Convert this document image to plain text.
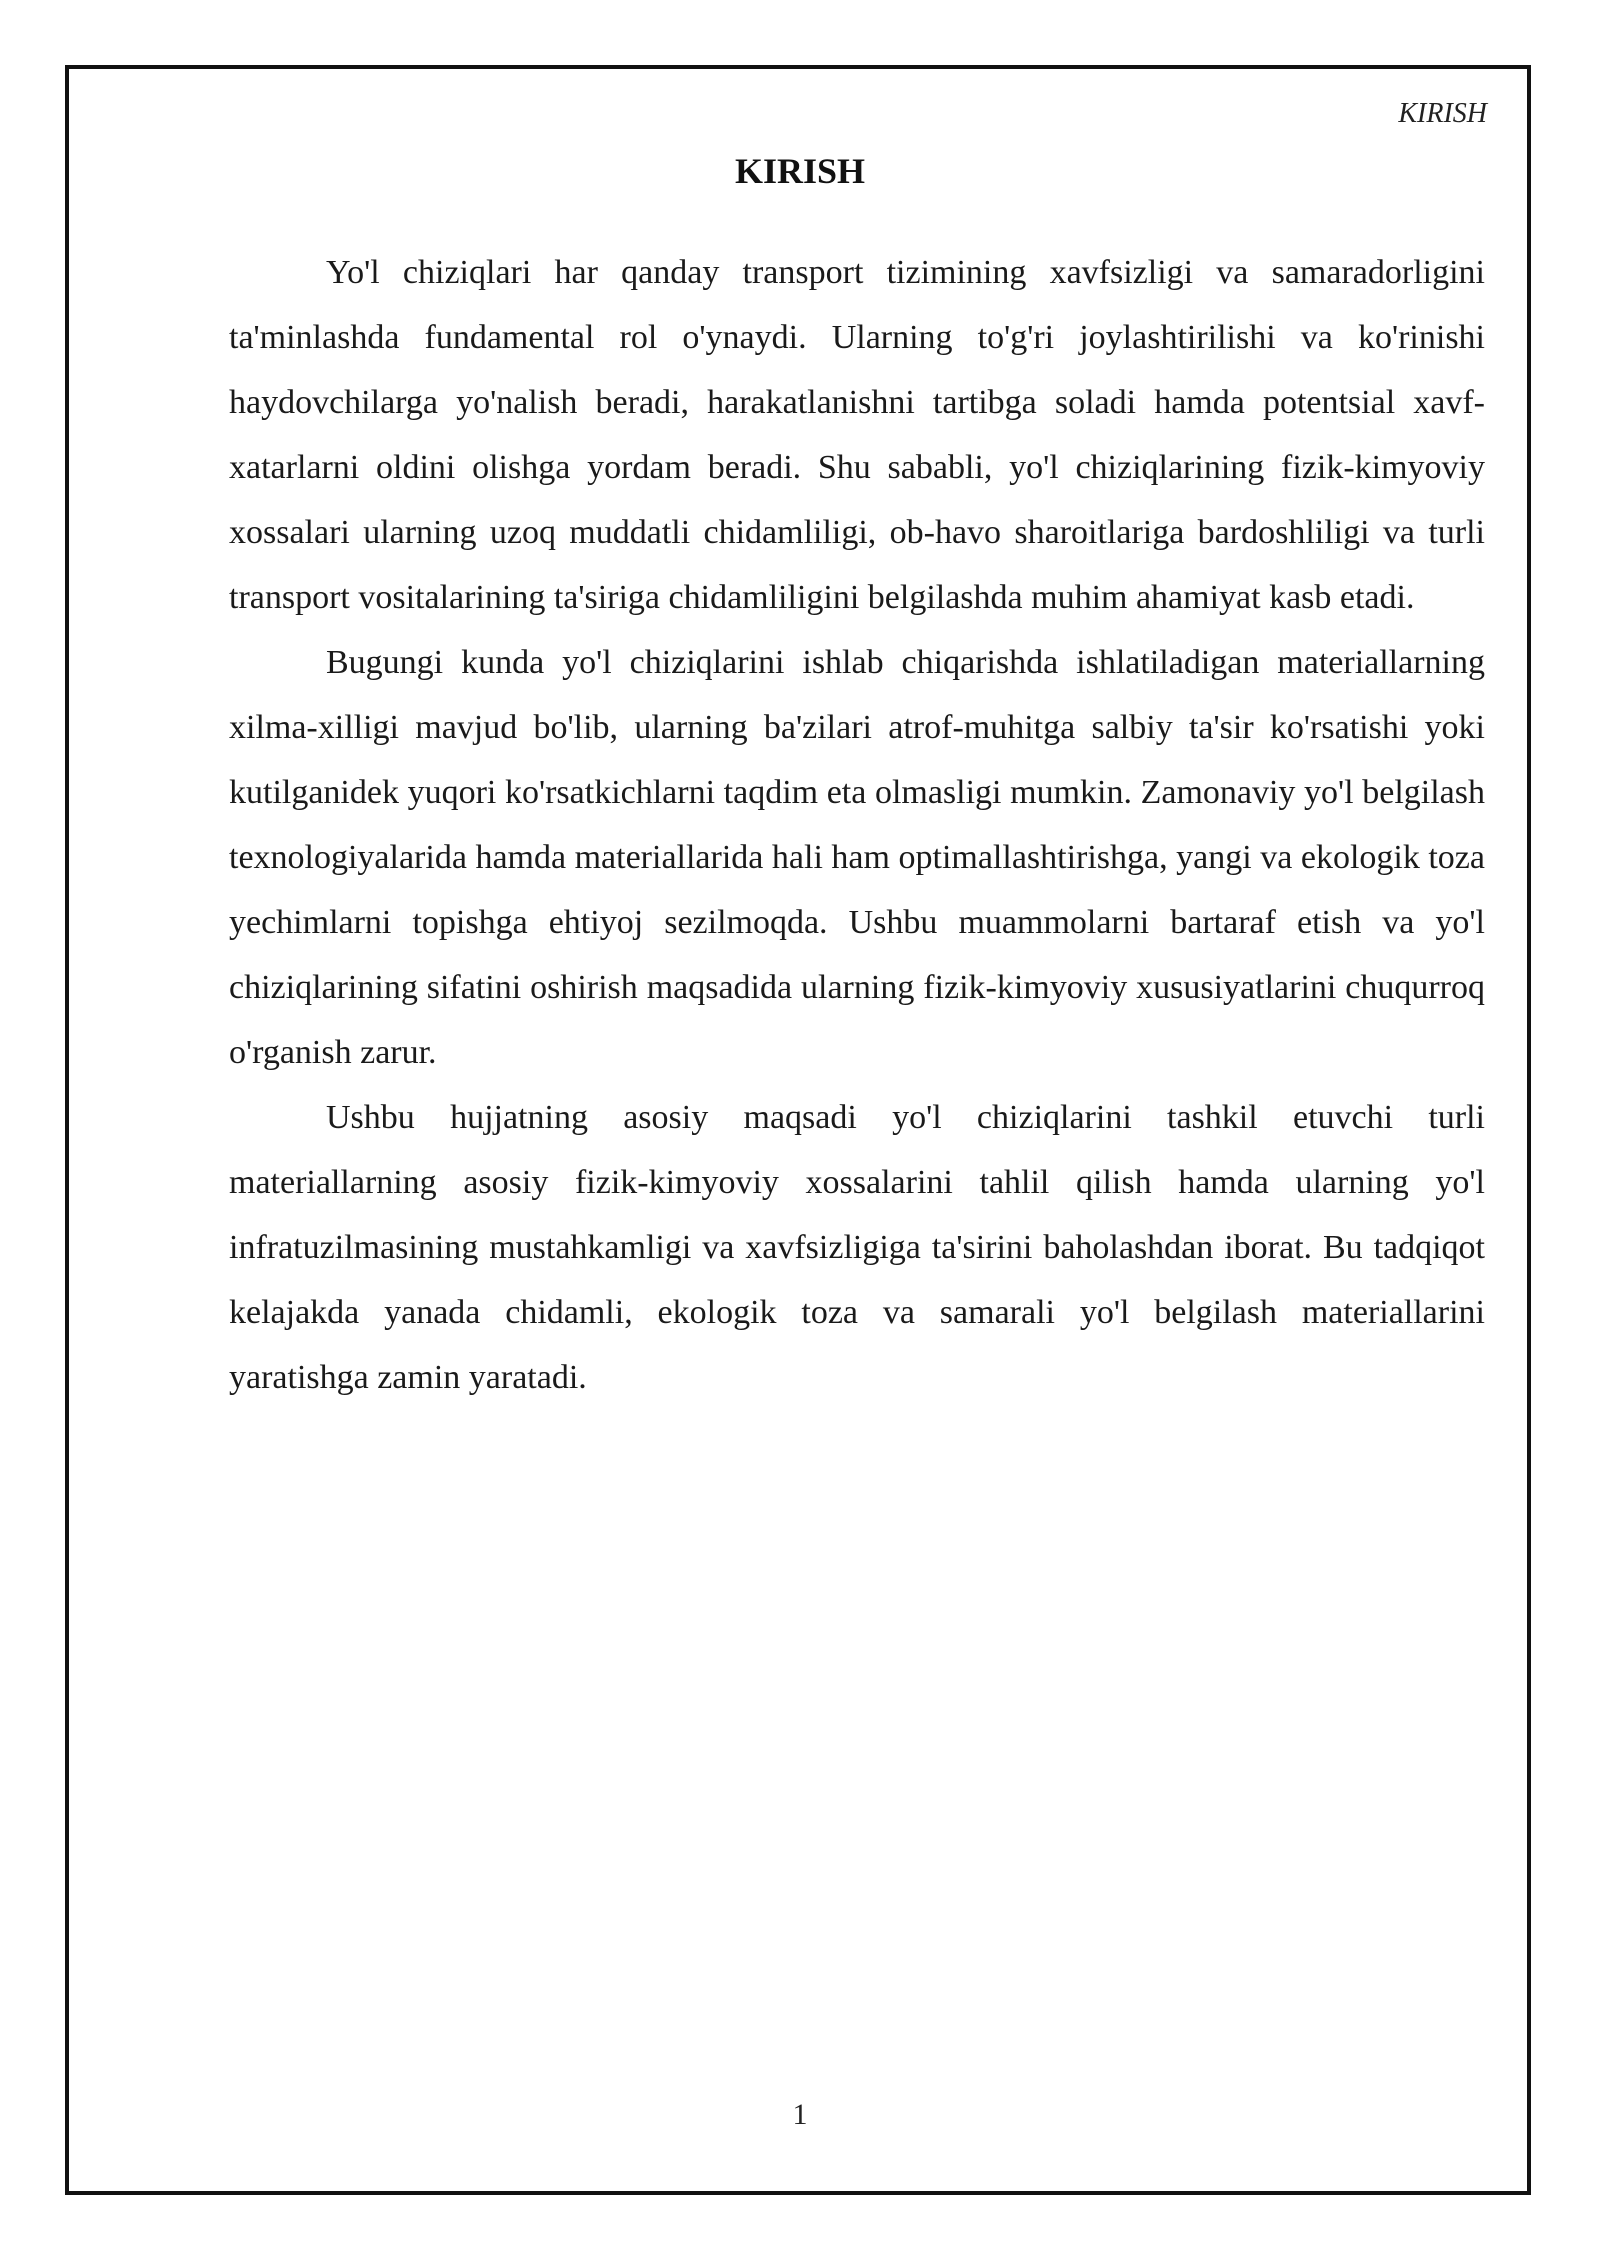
KIRISH
KIRISH

Yo'l chiziqlari har qanday transport tizimining xavfsizligi va samaradorligini ta'minlashda fundamental rol o'ynaydi. Ularning to'g'ri joylashtirilishi va ko'rinishi haydovchilarga yo'nalish beradi, harakatlanishni tartibga soladi hamda potentsial xavf-xatarlarni oldini olishga yordam beradi. Shu sababli, yo'l chiziqlarining fizik-kimyoviy xossalari ularning uzoq muddatli chidamliligi, ob-havo sharoitlariga bardoshliligi va turli transport vositalarining ta'siriga chidamliligini belgilashda muhim ahamiyat kasb etadi.

Bugungi kunda yo'l chiziqlarini ishlab chiqarishda ishlatiladigan materiallarning xilma-xilligi mavjud bo'lib, ularning ba'zilari atrof-muhitga salbiy ta'sir ko'rsatishi yoki kutilganidek yuqori ko'rsatkichlarni taqdim eta olmasligi mumkin. Zamonaviy yo'l belgilash texnologiyalarida hamda materiallarida hali ham optimallashtirishga, yangi va ekologik toza yechimlarni topishga ehtiyoj sezilmoqda. Ushbu muammolarni bartaraf etish va yo'l chiziqlarining sifatini oshirish maqsadida ularning fizik-kimyoviy xususiyatlarini chuqurroq o'rganish zarur.

Ushbu hujjatning asosiy maqsadi yo'l chiziqlarini tashkil etuvchi turli materiallarning asosiy fizik-kimyoviy xossalarini tahlil qilish hamda ularning yo'l infratuzilmasining mustahkamligi va xavfsizligiga ta'sirini baholashdan iborat. Bu tadqiqot kelajakda yanada chidamli, ekologik toza va samarali yo'l belgilash materiallarini yaratishga zamin yaratadi.

1
